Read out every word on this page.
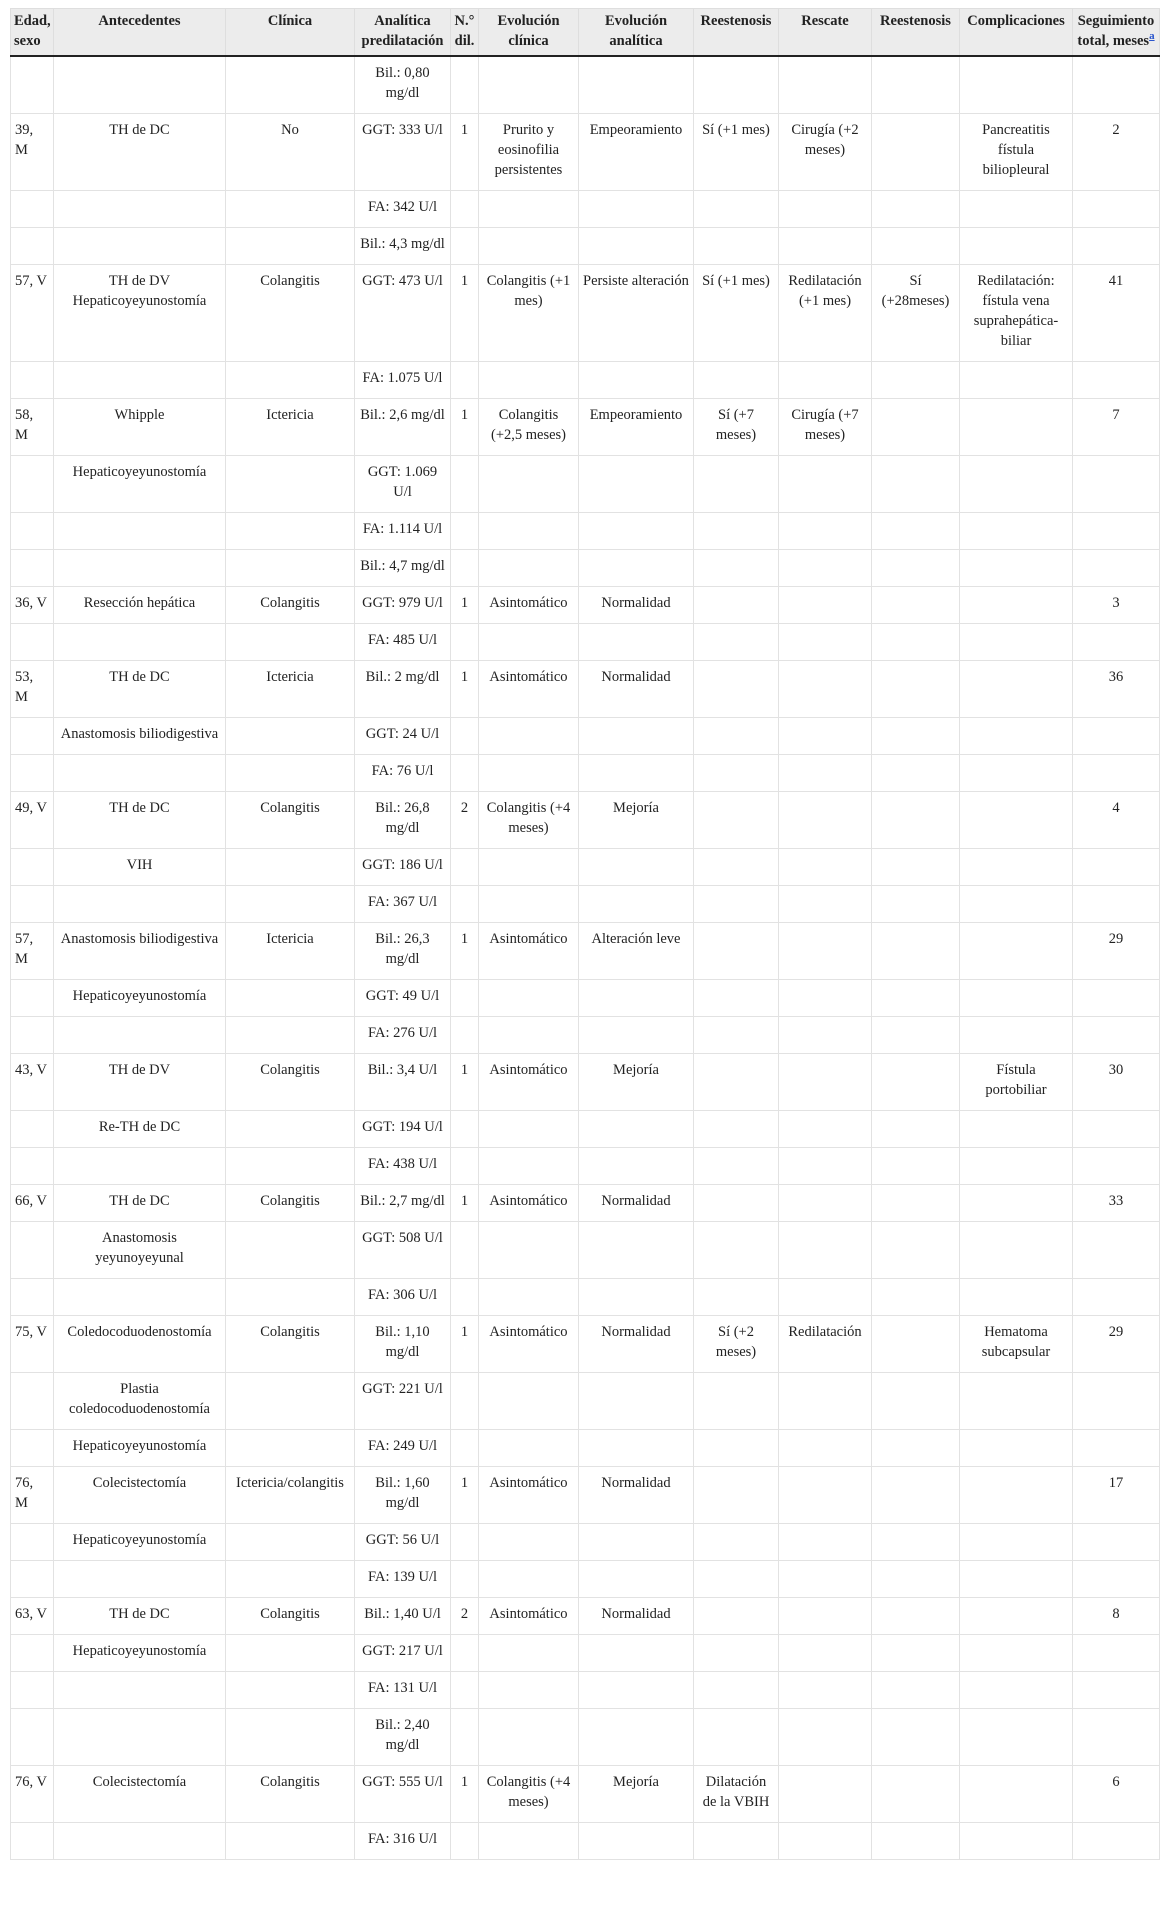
Edad, sexo	Antecedentes	Clínica	Analítica predilatación	N.° dil.	Evolución clínica	Evolución analítica	Reestenosis	Rescate	Reestenosis	Complicaciones	Seguimiento total, meses$^a$
			Bil.: 0,80 mg/dl								
39, M	TH de DC	No	GGT: 333 U/l	1	Prurito y eosinofilia persistentes	Empeoramiento	Sí (+1 mes)	Cirugía (+2 meses)		Pancreatitis fístula biliopleural	2
			FA: 342 U/l								
			Bil.: 4,3 mg/dl								
57, V	TH de DV Hepaticoyeyunostomía	Colangitis	GGT: 473 U/l	1	Colangitis (+1 mes)	Persiste alteración	Sí (+1 mes)	Redilatación (+1 mes)	Sí (+28meses)	Redilatación: fístula vena suprahepática-biliar	41
			FA: 1.075 U/l								
58, M	Whipple	Ictericia	Bil.: 2,6 mg/dl	1	Colangitis (+2,5 meses)	Empeoramiento	Sí (+7 meses)	Cirugía (+7 meses)			7
	Hepaticoyeyunostomía		GGT: 1.069 U/l								
			FA: 1.114 U/l								
			Bil.: 4,7 mg/dl								
36, V	Resección hepática	Colangitis	GGT: 979 U/l	1	Asintomático	Normalidad					3
			FA: 485 U/l								
53, M	TH de DC	Ictericia	Bil.: 2 mg/dl	1	Asintomático	Normalidad					36
	Anastomosis biliodigestiva		GGT: 24 U/l								
			FA: 76 U/l								
49, V	TH de DC	Colangitis	Bil.: 26,8 mg/dl	2	Colangitis (+4 meses)	Mejoría					4
	VIH		GGT: 186 U/l								
			FA: 367 U/l								
57, M	Anastomosis biliodigestiva	Ictericia	Bil.: 26,3 mg/dl	1	Asintomático	Alteración leve					29
	Hepaticoyeyunostomía		GGT: 49 U/l								
			FA: 276 U/l								
43, V	TH de DV	Colangitis	Bil.: 3,4 U/l	1	Asintomático	Mejoría				Fístula portobiliar	30
	Re-TH de DC		GGT: 194 U/l								
			FA: 438 U/l								
66, V	TH de DC	Colangitis	Bil.: 2,7 mg/dl	1	Asintomático	Normalidad					33
	Anastomosis yeyunoyeyunal		GGT: 508 U/l								
			FA: 306 U/l								
75, V	Coledocoduodenostomía	Colangitis	Bil.: 1,10 mg/dl	1	Asintomático	Normalidad	Sí (+2 meses)	Redilatación		Hematoma subcapsular	29
	Plastia coledocoduodenostomía		GGT: 221 U/l								
	Hepaticoyeyunostomía		FA: 249 U/l								
76, M	Colecistectomía	Ictericia/colangitis	Bil.: 1,60 mg/dl	1	Asintomático	Normalidad					17
	Hepaticoyeyunostomía		GGT: 56 U/l								
			FA: 139 U/l								
63, V	TH de DC	Colangitis	Bil.: 1,40 U/l	2	Asintomático	Normalidad					8
	Hepaticoyeyunostomía		GGT: 217 U/l								
			FA: 131 U/l								
			Bil.: 2,40 mg/dl								
76, V	Colecistectomía	Colangitis	GGT: 555 U/l	1	Colangitis (+4 meses)	Mejoría	Dilatación de la VBIH				6
			FA: 316 U/l								
